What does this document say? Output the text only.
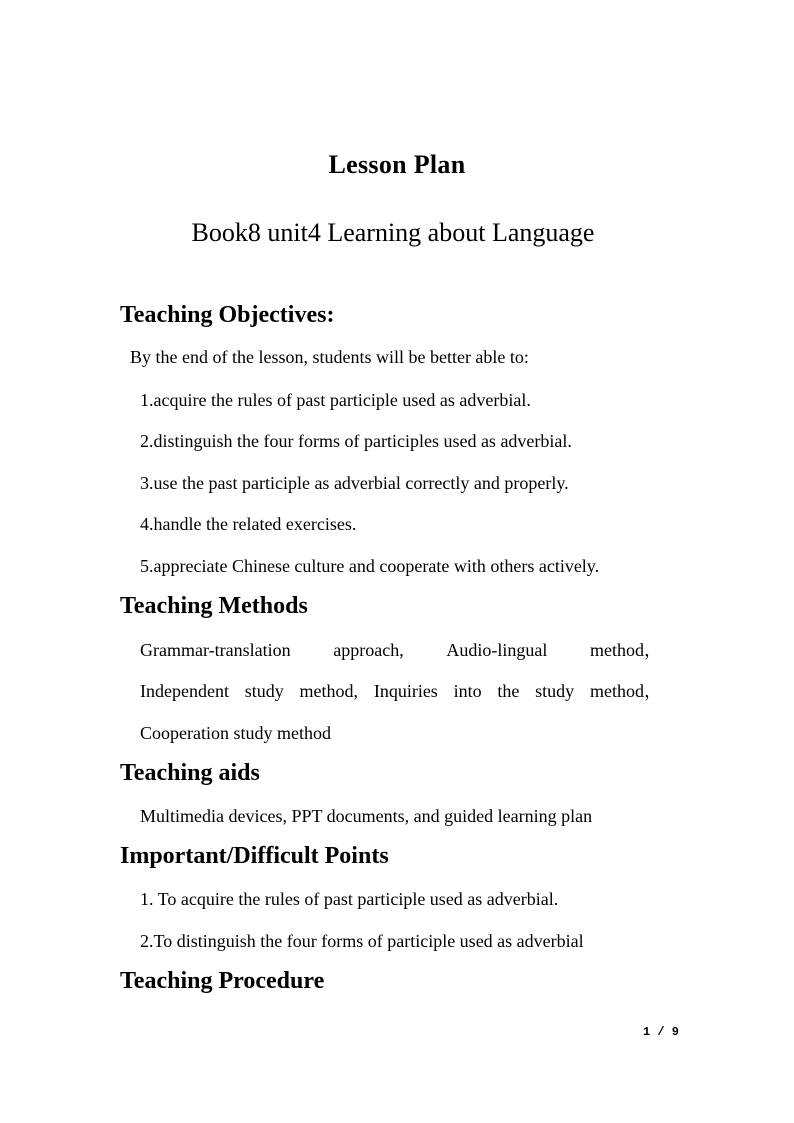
Lesson Plan
Book8 unit4 Learning about Language
Teaching Objectives:
By the end of the lesson, students will be better able to:
1.acquire the rules of past participle used as adverbial.
2.distinguish the four forms of participles used as adverbial.
3.use the past participle as adverbial correctly and properly.
4.handle the related exercises.
5.appreciate Chinese culture and cooperate with others actively.
Teaching Methods
Grammar-translation approach, Audio-lingual method，
Independent study method, Inquiries into the study method，
Cooperation study method
Teaching aids
Multimedia devices, PPT documents, and guided learning plan
Important/Difficult Points
1. To acquire the rules of past participle used as adverbial.
2.To distinguish the four forms of participle used as adverbial
Teaching Procedure
1 / 9
